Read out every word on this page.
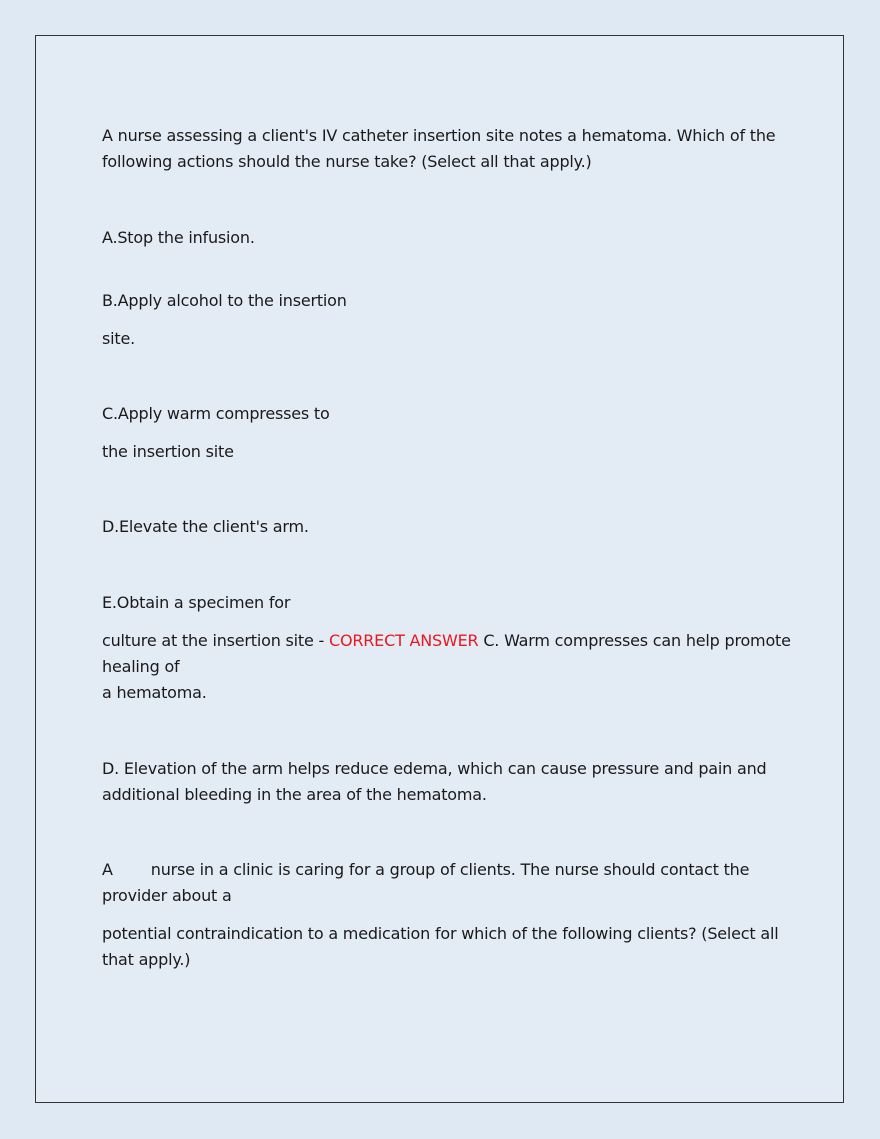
A nurse assessing a client's IV catheter insertion site notes a hematoma. Which of the
following actions should the nurse take? (Select all that apply.)
A.Stop the infusion.
B.Apply alcohol to the insertion
site.
C.Apply warm compresses to
the insertion site
D.Elevate the client's arm.
E.Obtain a specimen for
culture at the insertion site - CORRECT ANSWER C. Warm compresses can help promote
healing of
a hematoma.
D. Elevation of the arm helps reduce edema, which can cause pressure and pain and
additional bleeding in the area of the hematoma.
A nurse in a clinic is caring for a group of clients. The nurse should contact the
provider about a
potential contraindication to a medication for which of the following clients? (Select all
that apply.)
